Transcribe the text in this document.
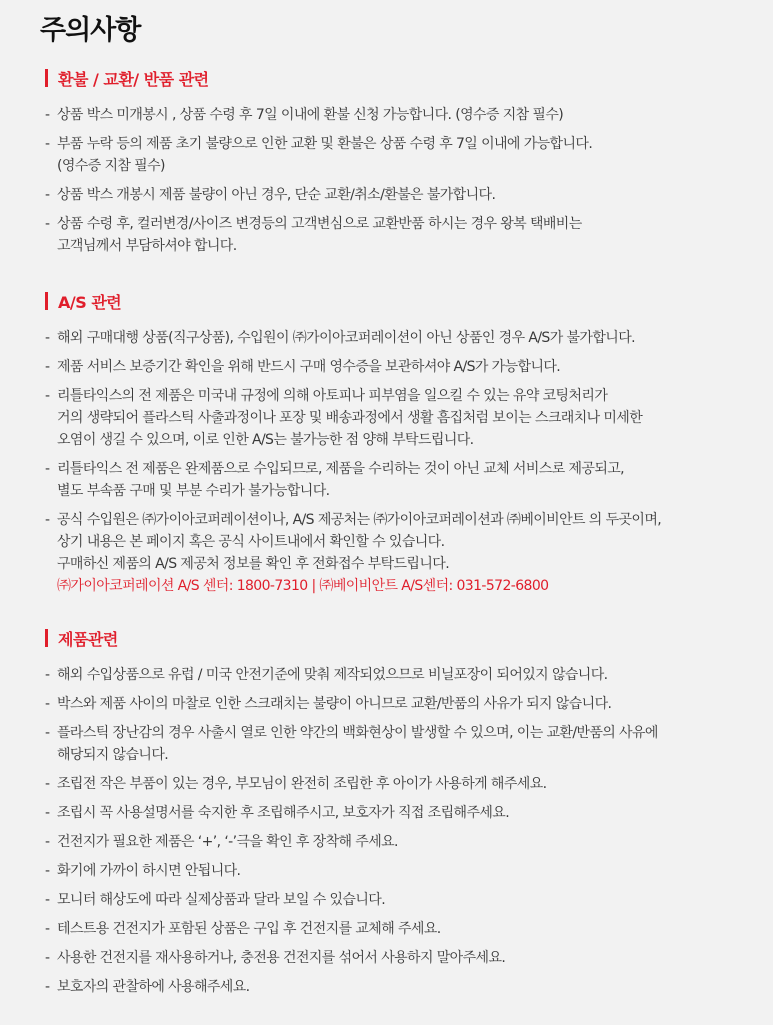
주의사항
환불 / 교환/ 반품 관련
- 상품 박스 미개봉시 , 상품 수령 후 7일 이내에 환불 신청 가능합니다. (영수증 지참 필수)
- 부품 누락 등의 제품 초기 불량으로 인한 교환 및 환불은 상품 수령 후 7일 이내에 가능합니다.
(영수증 지참 필수)
- 상품 박스 개봉시 제품 불량이 아닌 경우, 단순 교환/취소/환불은 불가합니다.
- 상품 수령 후, 컬러변경/사이즈 변경등의 고객변심으로 교환반품 하시는 경우 왕복 택배비는
고객님께서 부담하셔야 합니다.
A/S 관련
- 해외 구매대행 상품(직구상품), 수입원이 ㈜가이아코퍼레이션이 아닌 상품인 경우 A/S가 불가합니다.
- 제품 서비스 보증기간 확인을 위해 반드시 구매 영수증을 보관하셔야 A/S가 가능합니다.
- 리틀타익스의 전 제품은 미국내 규정에 의해 아토피나 피부염을 일으킬 수 있는 유약 코팅처리가
거의 생략되어 플라스틱 사출과정이나 포장 및 배송과정에서 생활 흠집처럼 보이는 스크래치나 미세한
오염이 생길 수 있으며, 이로 인한 A/S는 불가능한 점 양해 부탁드립니다.
- 리틀타익스 전 제품은 완제품으로 수입되므로, 제품을 수리하는 것이 아닌 교체 서비스로 제공되고,
별도 부속품 구매 및 부분 수리가 불가능합니다.
- 공식 수입원은 ㈜가이아코퍼레이션이나, A/S 제공처는 ㈜가이아코퍼레이션과 ㈜베이비안트 의 두곳이며,
상기 내용은 본 페이지 혹은 공식 사이트내에서 확인할 수 있습니다.
구매하신 제품의 A/S 제공처 정보를 확인 후 전화접수 부탁드립니다.
㈜가이아코퍼레이션 A/S 센터: 1800-7310 | ㈜베이비안트 A/S센터: 031-572-6800
제품관련
- 해외 수입상품으로 유럽 / 미국 안전기준에 맞춰 제작되었으므로 비닐포장이 되어있지 않습니다.
- 박스와 제품 사이의 마찰로 인한 스크래치는 불량이 아니므로 교환/반품의 사유가 되지 않습니다.
- 플라스틱 장난감의 경우 사출시 열로 인한 약간의 백화현상이 발생할 수 있으며, 이는 교환/반품의 사유에
해당되지 않습니다.
- 조립전 작은 부품이 있는 경우, 부모님이 완전히 조립한 후 아이가 사용하게 해주세요.
- 조립시 꼭 사용설명서를 숙지한 후 조립해주시고, 보호자가 직접 조립해주세요.
- 건전지가 필요한 제품은 ‘+’, ‘-’극을 확인 후 장착해 주세요.
- 화기에 가까이 하시면 안됩니다.
- 모니터 해상도에 따라 실제상품과 달라 보일 수 있습니다.
- 테스트용 건전지가 포함된 상품은 구입 후 건전지를 교체해 주세요.
- 사용한 건전지를 재사용하거나, 충전용 건전지를 섞어서 사용하지 말아주세요.
- 보호자의 관찰하에 사용해주세요.
